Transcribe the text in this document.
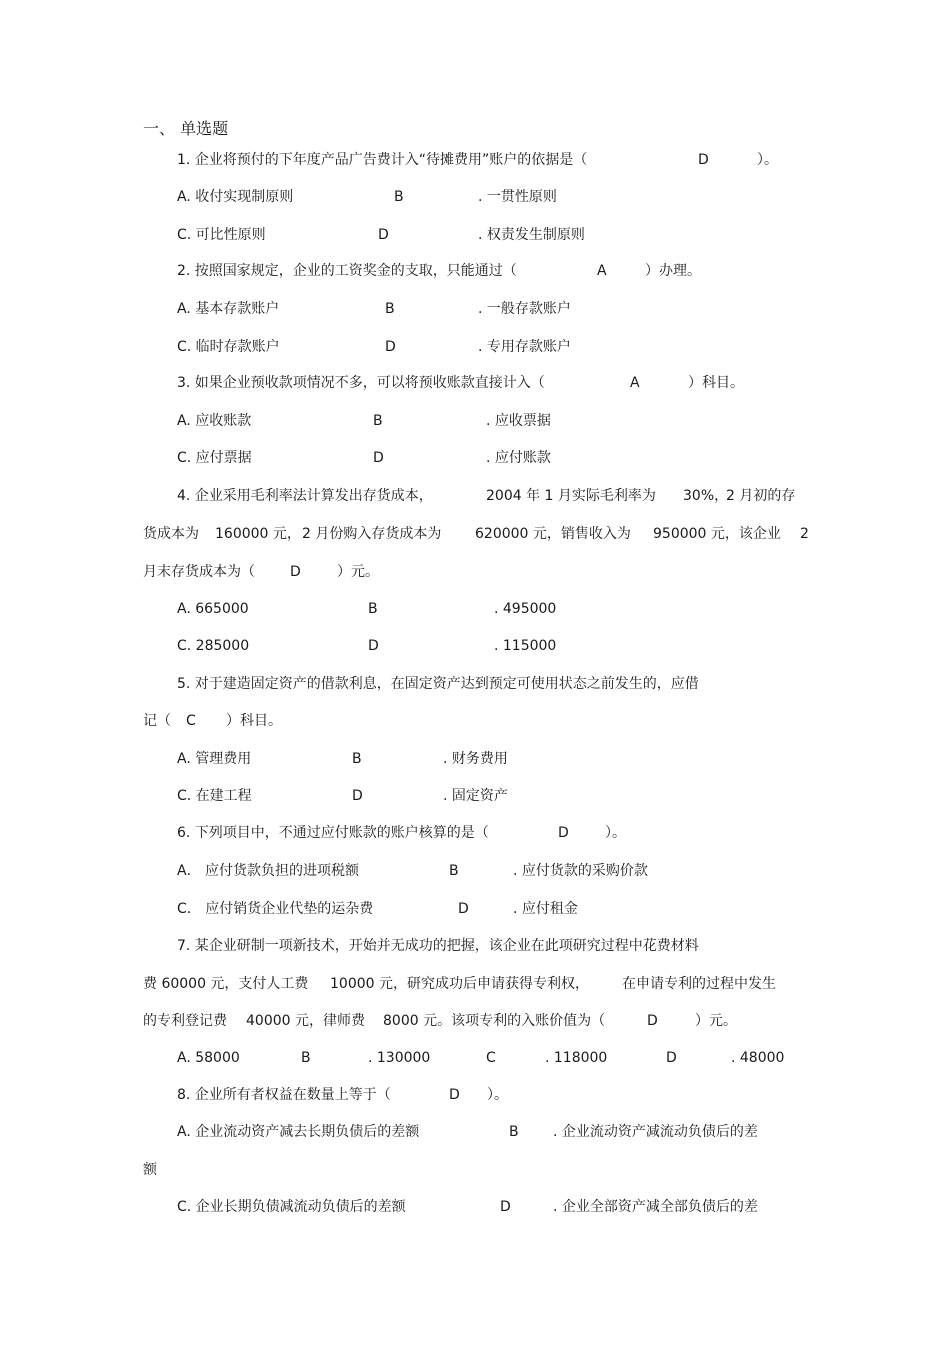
一、 单选题
1. 企业将预付的下年度产品广告费计入“待摊费用”账户的依据是（	D	）。
A. 收付实现制原则	B	. 一贯性原则
C. 可比性原则	D	. 权责发生制原则
2. 按照国家规定，企业的工资奖金的支取，只能通过（	A	）办理。
A. 基本存款账户	B	. 一般存款账户
C. 临时存款账户	D	. 专用存款账户
3. 如果企业预收款项情况不多，可以将预收账款直接计入（	A	）科目。
A. 应收账款	B	. 应收票据
C. 应付票据	D	. 应付账款
4. 企业采用毛利率法计算发出存货成本，	2004 年 1 月实际毛利率为 30%，
2 月初的存
货成本为 160000 元， 2 月份购入存货成本为 620000 元，销售收入为 950000 元，该企业 2
月末存货成本为（	D	）元。
A. 665000	B	. 495000
C. 285000	D	. 115000
5. 对于建造固定资产的借款利息，在固定资产达到预定可使用状态之前发生的，应借
记（ C ）科目。
A. 管理费用	B	. 财务费用
C. 在建工程	D	. 固定资产
6. 下列项目中，不通过应付账款的账户核算的是（	D	）。
A． 应付货款负担的进项税额	B	. 应付货款的采购价款
C． 应付销货企业代垫的运杂费	D	. 应付租金
7. 某企业研制一项新技术，开始并无成功的把握，该企业在此项研究过程中花费材料
费 60000 元，支付人工费 10000 元，研究成功后申请获得专利权， 在申请专利的过程中发生
的专利登记费 40000 元，律师费 8000 元。该项专利的入账价值为（	D	）元。
A. 58000	B	. 130000	C	. 118000	D	. 48000
8. 企业所有者权益在数量上等于（	D ）。
A. 企业流动资产减去长期负债后的差额	B . 企业流动资产减流动负债后的差
额
C. 企业长期负债减流动负债后的差额	D	. 企业全部资产减全部负债后的差
